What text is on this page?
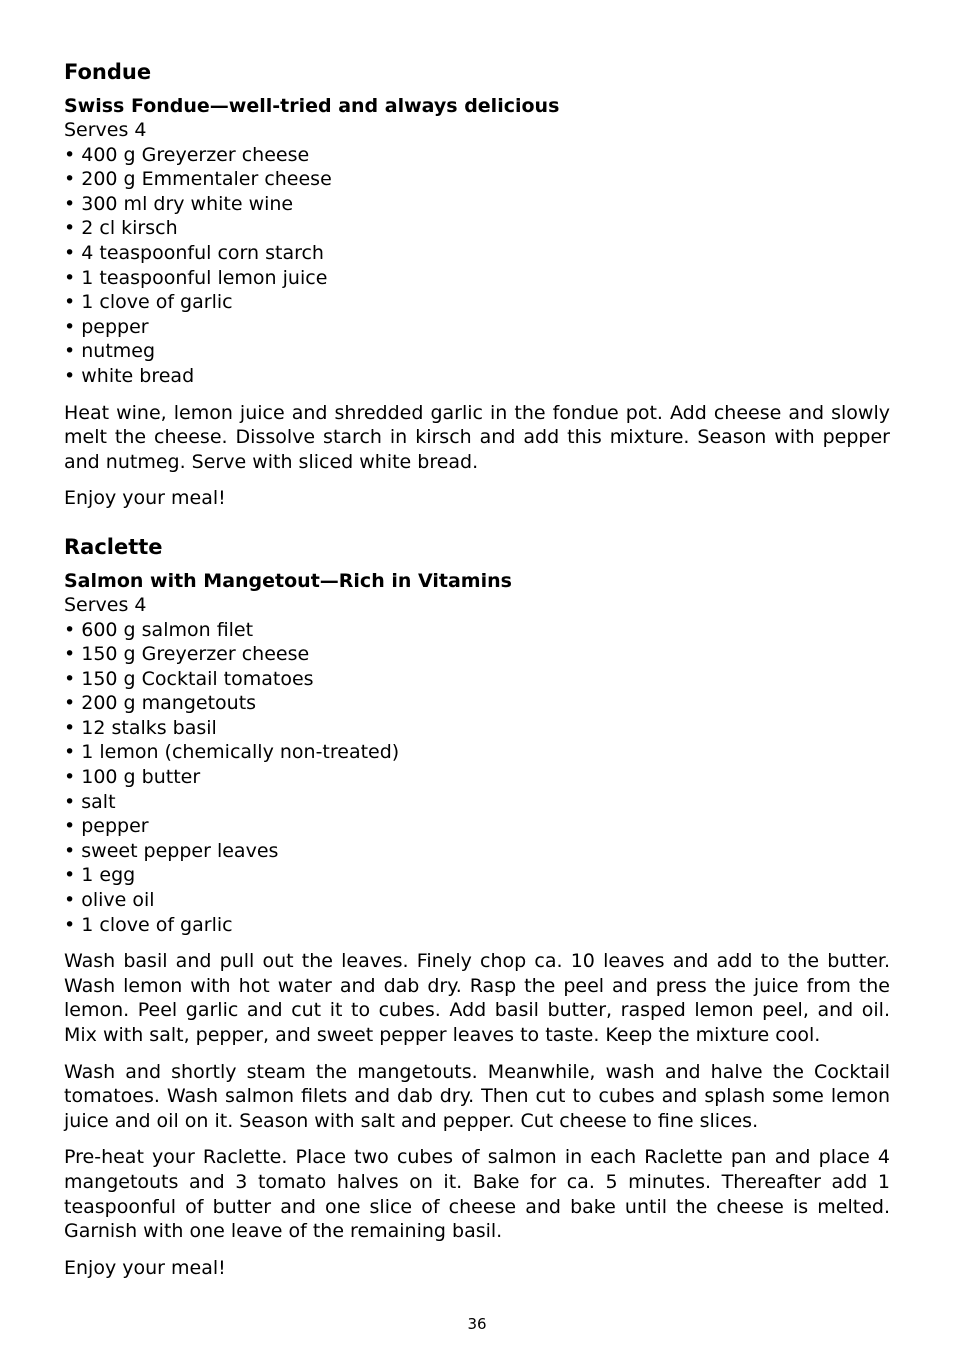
Fondue
Swiss Fondue—well-tried and always delicious

Serves 4

• 400 g Greyerzer cheese
• 200 g Emmentaler cheese
• 300 ml dry white wine
• 2 cl kirsch
• 4 teaspoonful corn starch
• 1 teaspoonful lemon juice
• 1 clove of garlic
• pepper
• nutmeg
• white bread

Heat wine, lemon juice and shredded garlic in the fondue pot. Add cheese and slowly melt the cheese. Dissolve starch in kirsch and add this mixture. Season with pepper and nutmeg. Serve with sliced white bread.

Enjoy your meal!

Raclette
Salmon with Mangetout—Rich in Vitamins

Serves 4

• 600 g salmon filet
• 150 g Greyerzer cheese
• 150 g Cocktail tomatoes
• 200 g mangetouts
• 12 stalks basil
• 1 lemon (chemically non-treated)
• 100 g butter
• salt
• pepper
• sweet pepper leaves
• 1 egg
• olive oil
• 1 clove of garlic

Wash basil and pull out the leaves. Finely chop ca. 10 leaves and add to the butter. Wash lemon with hot water and dab dry. Rasp the peel and press the juice from the lemon. Peel garlic and cut it to cubes. Add basil butter, rasped lemon peel, and oil. Mix with salt, pepper, and sweet pepper leaves to taste. Keep the mixture cool.

Wash and shortly steam the mangetouts. Meanwhile, wash and halve the Cocktail tomatoes. Wash salmon filets and dab dry. Then cut to cubes and splash some lemon juice and oil on it. Season with salt and pepper. Cut cheese to fine slices.

Pre-heat your Raclette. Place two cubes of salmon in each Raclette pan and place 4 mangetouts and 3 tomato halves on it. Bake for ca. 5 minutes. Thereafter add 1 teaspoonful of butter and one slice of cheese and bake until the cheese is melted. Garnish with one leave of the remaining basil.

Enjoy your meal!

36
